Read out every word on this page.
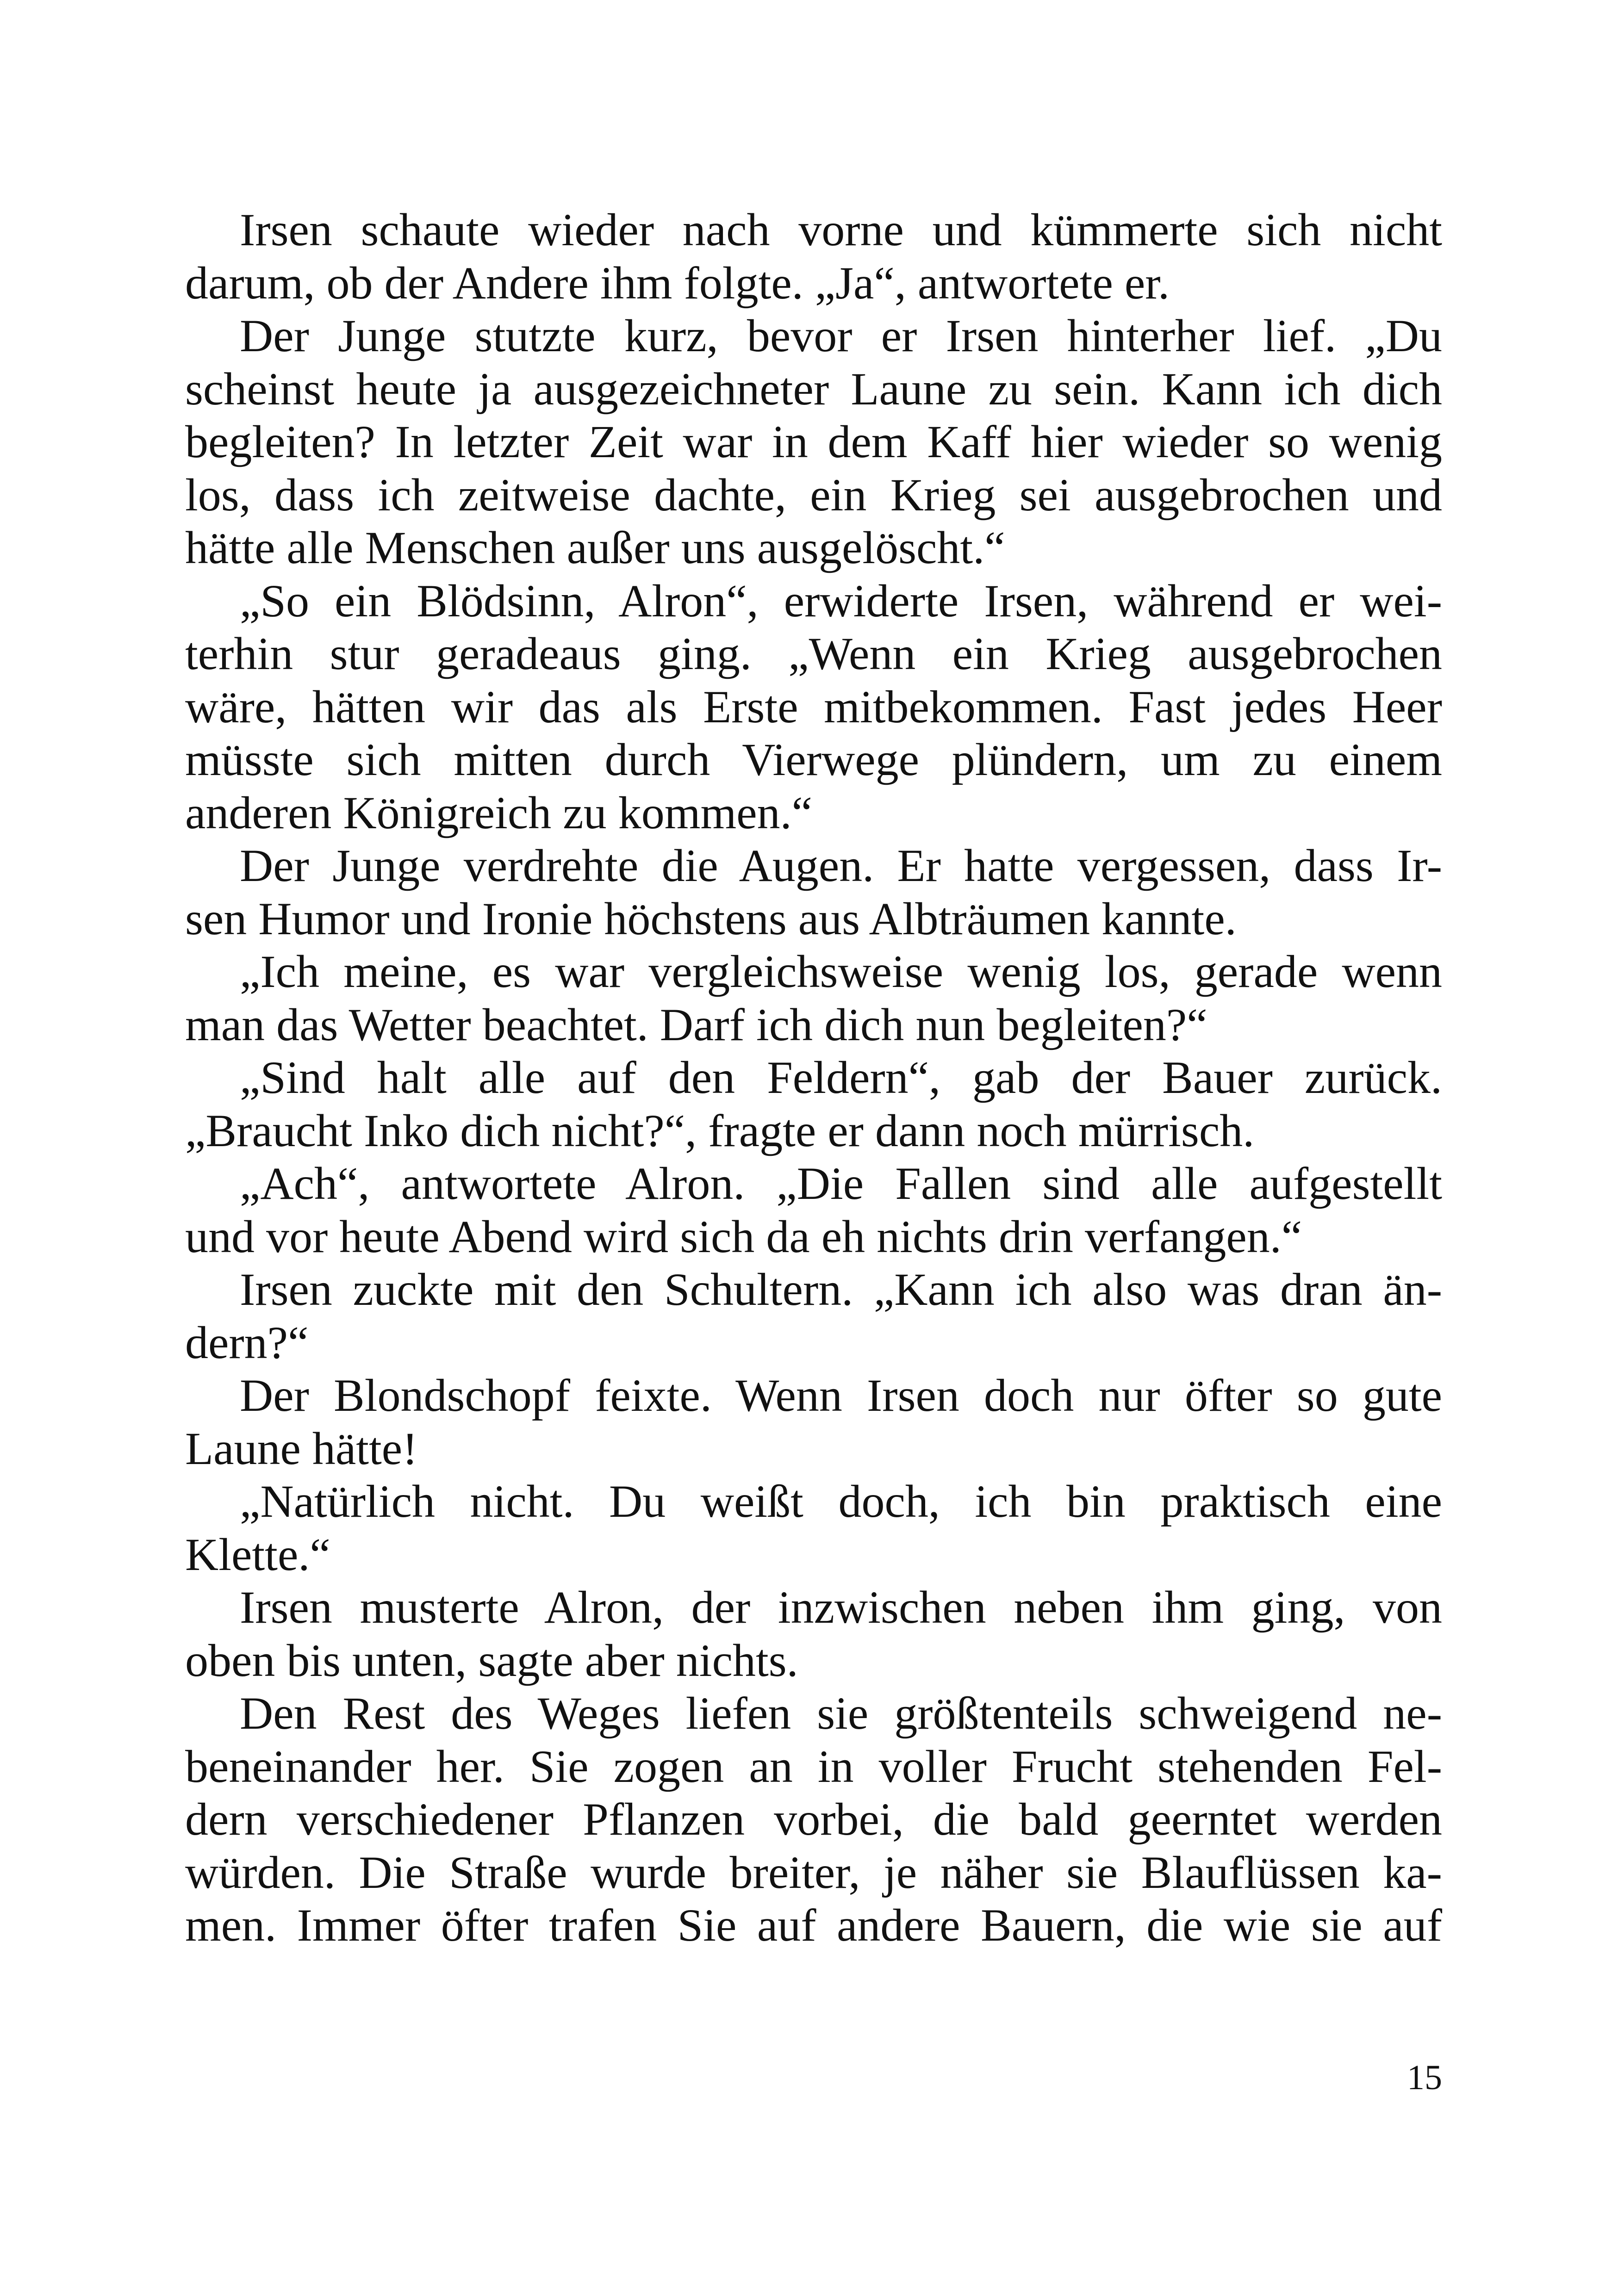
Irsen schaute wieder nach vorne und kümmerte sich nicht
darum, ob der Andere ihm folgte. „Ja“, antwortete er.
Der Junge stutzte kurz, bevor er Irsen hinterher lief. „Du
scheinst heute ja ausgezeichneter Laune zu sein. Kann ich dich
begleiten? In letzter Zeit war in dem Kaff hier wieder so wenig
los, dass ich zeitweise dachte, ein Krieg sei ausgebrochen und
hätte alle Menschen außer uns ausgelöscht.“
„So ein Blödsinn, Alron“, erwiderte Irsen, während er wei-
terhin stur geradeaus ging. „Wenn ein Krieg ausgebrochen
wäre, hätten wir das als Erste mitbekommen. Fast jedes Heer
müsste sich mitten durch Vierwege plündern, um zu einem
anderen Königreich zu kommen.“
Der Junge verdrehte die Augen. Er hatte vergessen, dass Ir-
sen Humor und Ironie höchstens aus Albträumen kannte.
„Ich meine, es war vergleichsweise wenig los, gerade wenn
man das Wetter beachtet. Darf ich dich nun begleiten?“
„Sind halt alle auf den Feldern“, gab der Bauer zurück.
„Braucht Inko dich nicht?“, fragte er dann noch mürrisch.
„Ach“, antwortete Alron. „Die Fallen sind alle aufgestellt
und vor heute Abend wird sich da eh nichts drin verfangen.“
Irsen zuckte mit den Schultern. „Kann ich also was dran än-
dern?“
Der Blondschopf feixte. Wenn Irsen doch nur öfter so gute
Laune hätte!
„Natürlich nicht. Du weißt doch, ich bin praktisch eine
Klette.“
Irsen musterte Alron, der inzwischen neben ihm ging, von
oben bis unten, sagte aber nichts.
Den Rest des Weges liefen sie größtenteils schweigend ne-
beneinander her. Sie zogen an in voller Frucht stehenden Fel-
dern verschiedener Pflanzen vorbei, die bald geerntet werden
würden. Die Straße wurde breiter, je näher sie Blauflüssen ka-
men. Immer öfter trafen Sie auf andere Bauern, die wie sie auf
15
